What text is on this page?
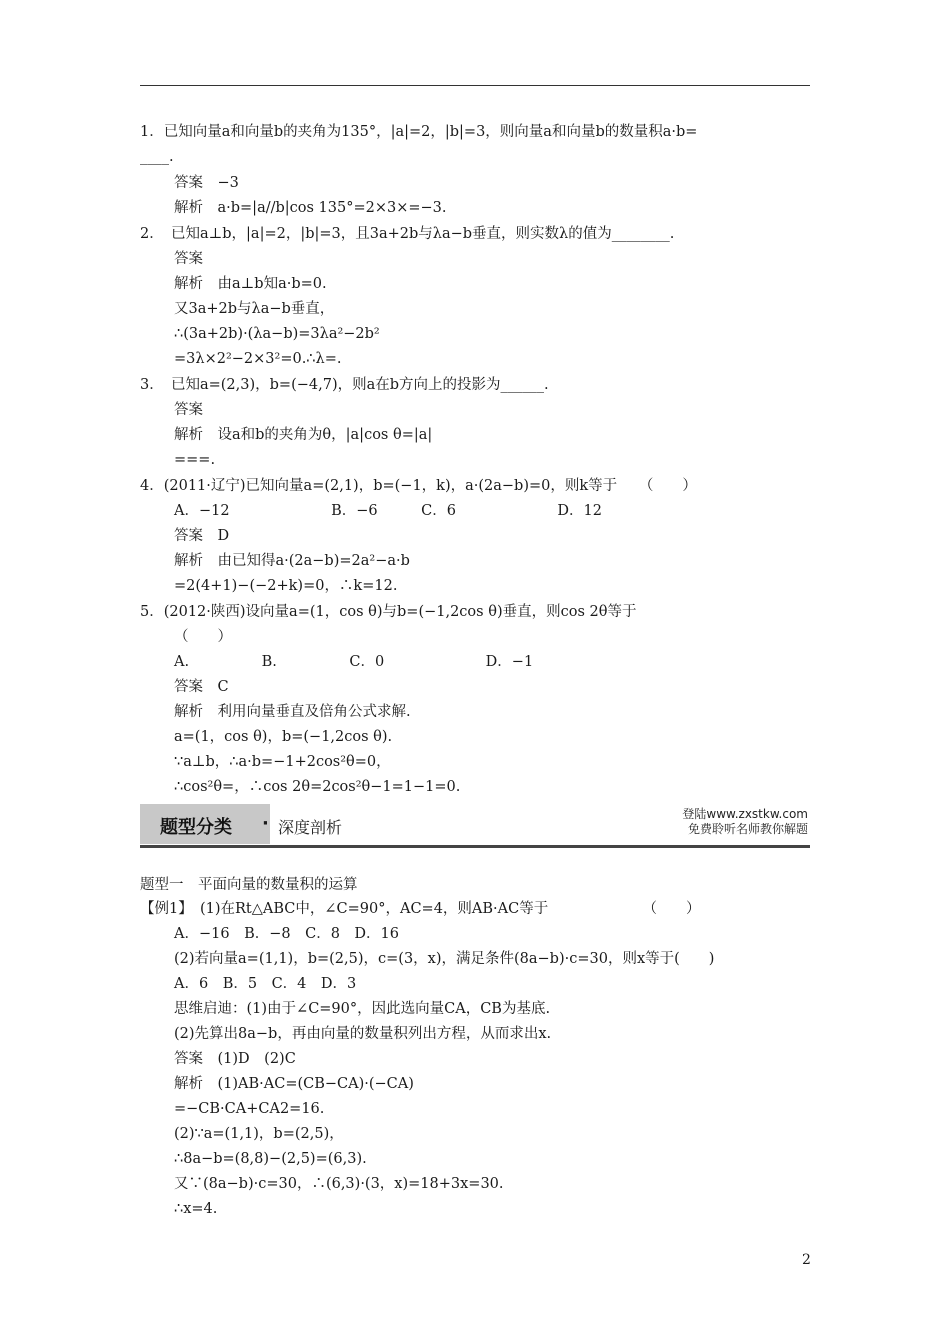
1．已知向量a和向量b的夹角为135°，|a|=2，|b|=3，则向量a和向量b的数量积a·b=
____.
答案　−3
解析　a·b=|a//b|cos 135°=2×3×=−3.
2．　已知a⊥b，|a|=2，|b|=3，且3a+2b与λa−b垂直，则实数λ的值为________.
答案
解析　由a⊥b知a·b=0.
又3a+2b与λa−b垂直，
∴(3a+2b)·(λa−b)=3λa²−2b²
=3λ×2²−2×3²=0.∴λ=.
3．　已知a=(2,3)，b=(−4,7)，则a在b方向上的投影为______.
答案
解析　设a和b的夹角为θ，|a|cos θ=|a|
===.
4．(2011·辽宁)已知向量a=(2,1)，b=(−1，k)，a·(2a−b)=0，则k等于　　（　　）
A．−12　　　　　　　B．−6　　　C．6　　　　　　　D．12
答案　D
解析　由已知得a·(2a−b)=2a²−a·b
=2(4+1)−(−2+k)=0，∴k=12.
5．(2012·陕西)设向量a=(1，cos θ)与b=(−1,2cos θ)垂直，则cos 2θ等于
（　　）
A.　　　　　B.　　　　　C．0　　　　　　　D．−1
答案　C
解析　利用向量垂直及倍角公式求解.
a=(1，cos θ)，b=(−1,2cos θ).
∵a⊥b，∴a·b=−1+2cos²θ=0，
∴cos²θ=，∴cos 2θ=2cos²θ−1=1−1=0.
题型分类 · 深度剖析
登陆www.zxstkw.com
免费聆听名师教你解题
题型一　平面向量的数量积的运算
【例1】　(1)在Rt△ABC中，∠C=90°，AC=4，则AB·AC等于　　　　　　　（　　）
A．−16　B．−8　C．8　D．16
(2)若向量a=(1,1)，b=(2,5)，c=(3，x)，满足条件(8a−b)·c=30，则x等于(　　)
A．6　B．5　C．4　D．3
思维启迪：(1)由于∠C=90°，因此选向量CA，CB为基底.
(2)先算出8a−b，再由向量的数量积列出方程，从而求出x.
答案　(1)D　(2)C
解析　(1)AB·AC=(CB−CA)·(−CA)
=−CB·CA+CA2=16.
(2)∵a=(1,1)，b=(2,5)，
∴8a−b=(8,8)−(2,5)=(6,3).
又∵(8a−b)·c=30，∴(6,3)·(3，x)=18+3x=30.
∴x=4.
2
